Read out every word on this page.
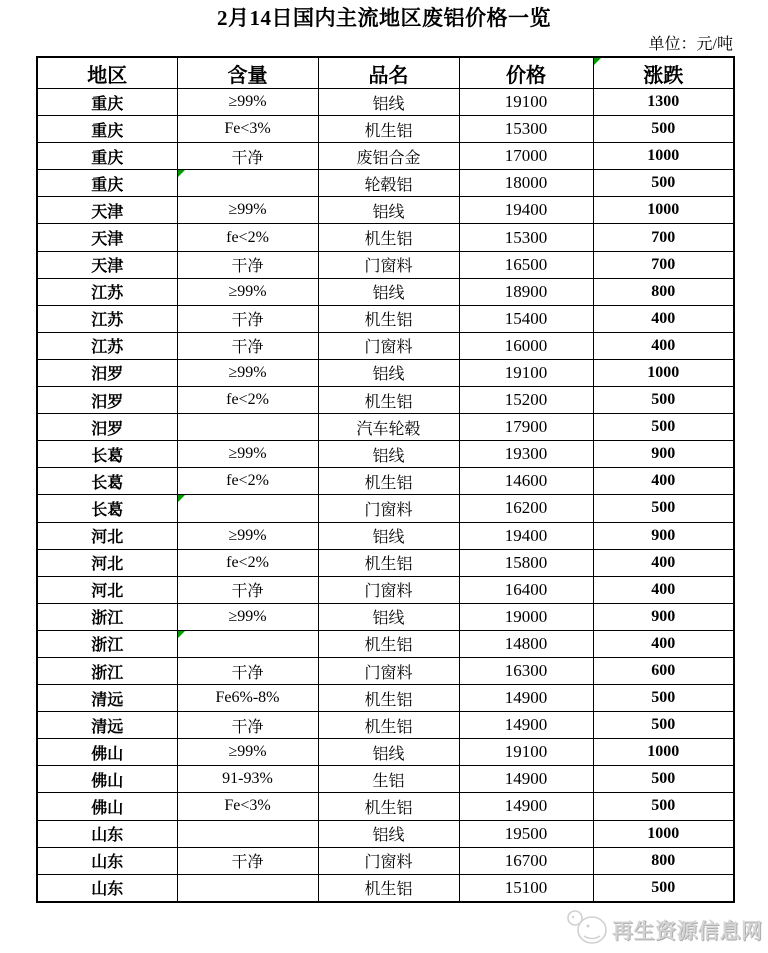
2月14日国内主流地区废铝价格一览
单位：元/吨
地区	含量	品名	价格	涨跌

重庆	≥99%	铝线	19100	1300
重庆	Fe<3%	机生铝	15300	500
重庆	干净	废铝合金	17000	1000
重庆		轮毂铝	18000	500
天津	≥99%	铝线	19400	1000
天津	fe<2%	机生铝	15300	700
天津	干净	门窗料	16500	700
江苏	≥99%	铝线	18900	800
江苏	干净	机生铝	15400	400
江苏	干净	门窗料	16000	400
汨罗	≥99%	铝线	19100	1000
汨罗	fe<2%	机生铝	15200	500
汨罗		汽车轮毂	17900	500
长葛	≥99%	铝线	19300	900
长葛	fe<2%	机生铝	14600	400
长葛		门窗料	16200	500
河北	≥99%	铝线	19400	900
河北	fe<2%	机生铝	15800	400
河北	干净	门窗料	16400	400
浙江	≥99%	铝线	19000	900
浙江		机生铝	14800	400
浙江	干净	门窗料	16300	600
清远	Fe6%-8%	机生铝	14900	500
清远	干净	机生铝	14900	500
佛山	≥99%	铝线	19100	1000
佛山	91-93%	生铝	14900	500
佛山	Fe<3%	机生铝	14900	500
山东		铝线	19500	1000
山东	干净	门窗料	16700	800
山东		机生铝	15100	500
再生资源信息网
